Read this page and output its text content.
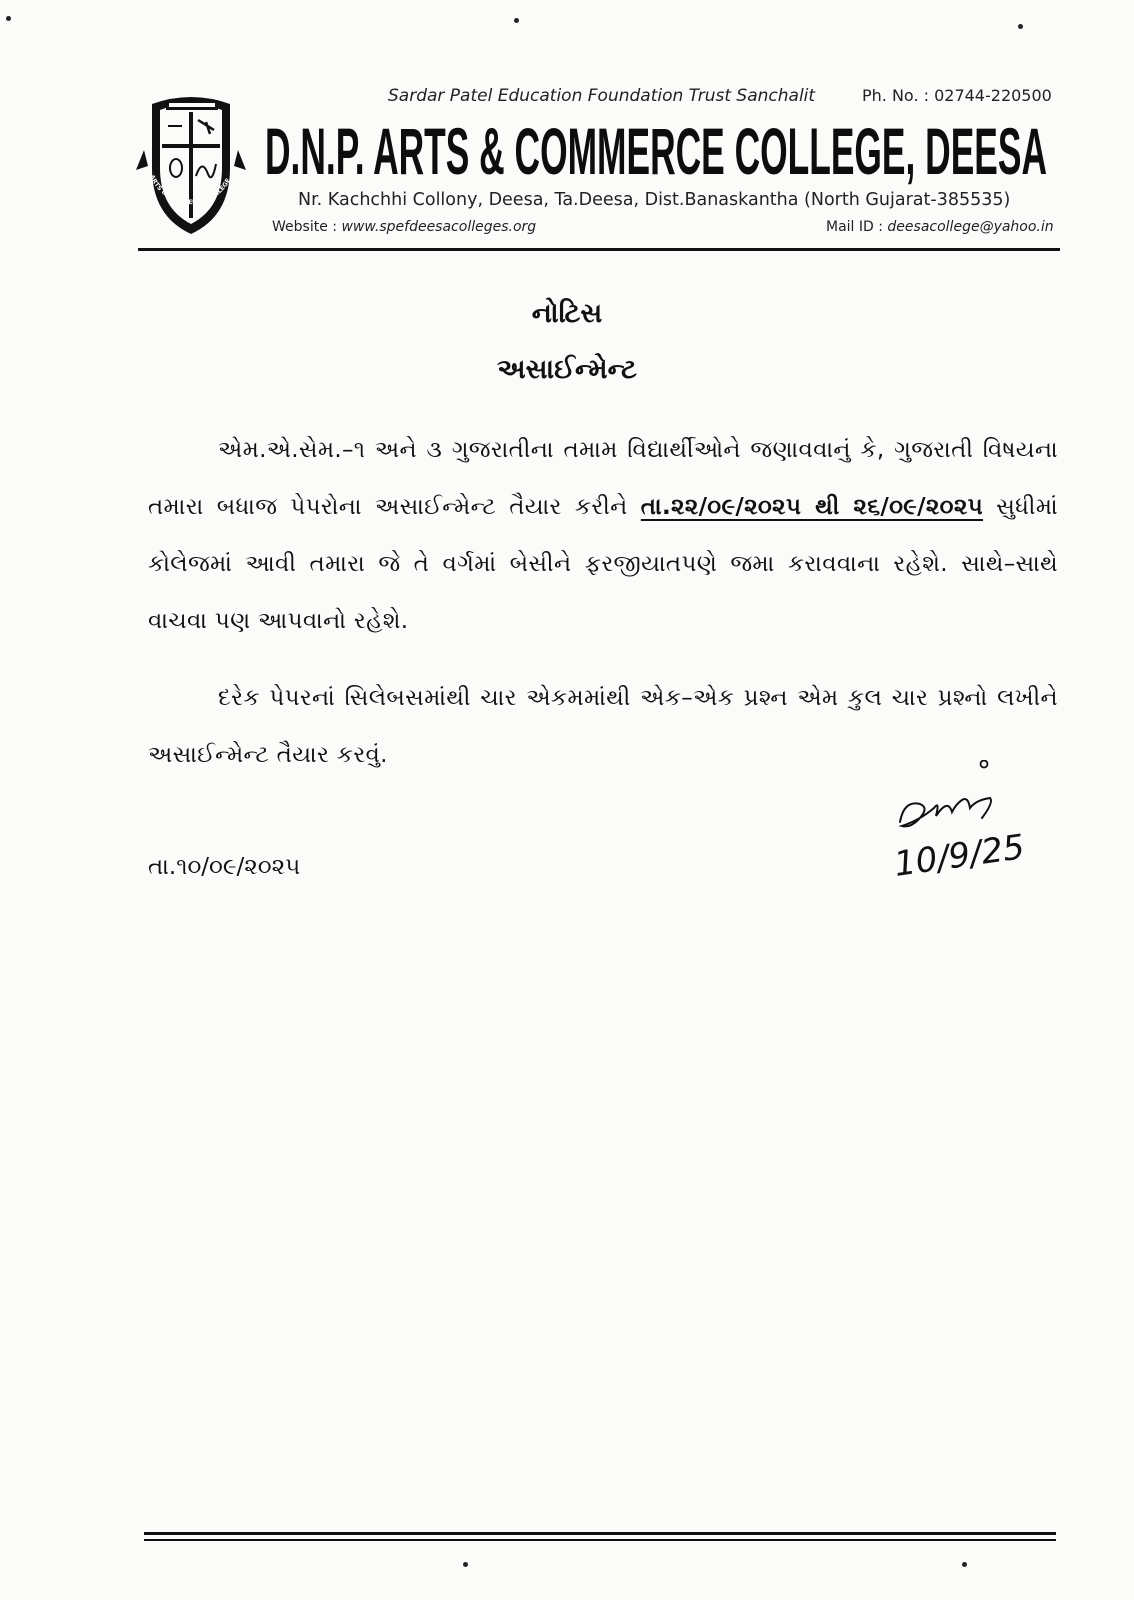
ARTS & COMMERCE COLLEGE,
Sardar Patel Education Foundation Trust Sanchalit	Ph. No. : 02744-220500
D.N.P. ARTS & COMMERCE COLLEGE, DEESA
Nr. Kachchhi Collony, Deesa, Ta.Deesa, Dist.Banaskantha (North Gujarat-385535)
Website : www.spefdeesacolleges.org	Mail ID : deesacollege@yahoo.in
નોટિસ
અસાઈન્મેન્ટ
એમ.એ.સેમ.–૧ અને ૩ ગુજરાતીના તમામ વિદ્યાર્થીઓને જણાવવાનું કે, ગુજરાતી વિષયના તમારા બધાજ પેપરોના અસાઈન્મેન્ટ તૈયાર કરીને તા.૨૨/૦૯/૨૦૨૫ થી ૨૬/૦૯/૨૦૨૫ સુધીમાં કોલેજમાં આવી તમારા જે તે વર્ગમાં બેસીને ફરજીયાતપણે જમા કરાવવાના રહેશે. સાથે–સાથે વાચવા પણ આપવાનો રહેશે.
દરેક પેપરનાં સિલેબસમાંથી ચાર એકમમાંથી એક–એક પ્રશ્ન એમ કુલ ચાર પ્રશ્નો લખીને અસાઈન્મેન્ટ તૈયાર કરવું.
તા.૧૦/૦૯/૨૦૨૫	10/9/25
